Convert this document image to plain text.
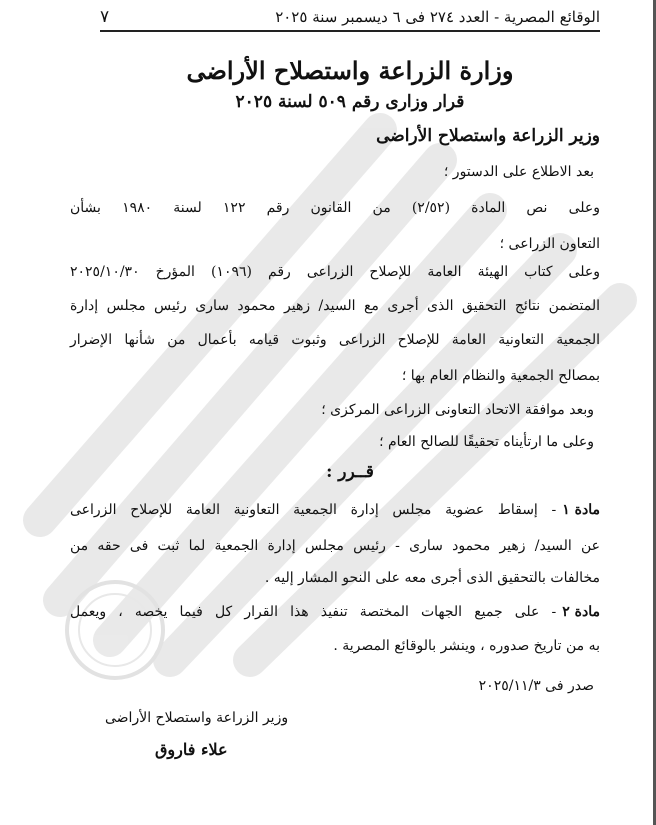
الوقائع المصرية - العدد ٢٧٤ فى ٦ ديسمبر سنة ٢٠٢٥
٧
وزارة الزراعة واستصلاح الأراضى
قرار وزارى رقم ٥٠٩ لسنة ٢٠٢٥
وزير الزراعة واستصلاح الأراضى
بعد الاطلاع على الدستور ؛
وعلى نص المادة (٢/٥٢) من القانون رقم ١٢٢ لسنة ١٩٨٠ بشأن
التعاون الزراعى ؛
وعلى كتاب الهيئة العامة للإصلاح الزراعى رقم (١٠٩٦) المؤرخ ٢٠٢٥/١٠/٣٠
المتضمن نتائج التحقيق الذى أجرى مع السيد/ زهير محمود سارى رئيس مجلس إدارة
الجمعية التعاونية العامة للإصلاح الزراعى وثبوت قيامه بأعمال من شأنها الإضرار
بمصالح الجمعية والنظام العام بها ؛
وبعد موافقة الاتحاد التعاونى الزراعى المركزى ؛
وعلى ما ارتأيناه تحقيقًا للصالح العام ؛
قــرر :
مادة ١
- إسقاط عضوية مجلس إدارة الجمعية التعاونية العامة للإصلاح الزراعى
عن السيد/ زهير محمود سارى - رئيس مجلس إدارة الجمعية لما ثبت فى حقه من
مخالفات بالتحقيق الذى أجرى معه على النحو المشار إليه .
مادة ٢
- على جميع الجهات المختصة تنفيذ هذا القرار كل فيما يخصه ، ويعمل
به من تاريخ صدوره ، وينشر بالوقائع المصرية .
صدر فى ٢٠٢٥/١١/٣
وزير الزراعة واستصلاح الأراضى
علاء فاروق
